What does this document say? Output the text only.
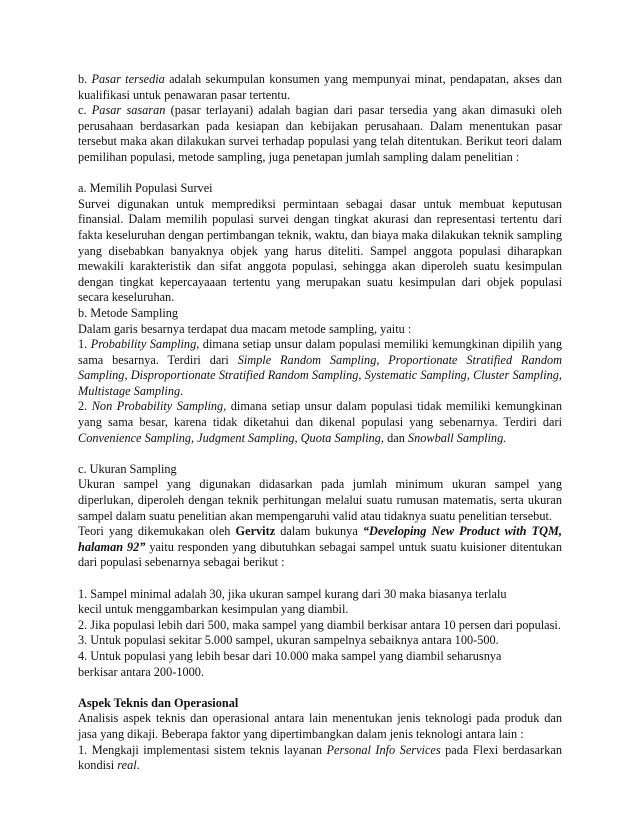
b. Pasar tersedia adalah sekumpulan konsumen yang mempunyai minat, pendapatan, akses dan kualifikasi untuk penawaran pasar tertentu.

c. Pasar sasaran (pasar terlayani) adalah bagian dari pasar tersedia yang akan dimasuki oleh perusahaan berdasarkan pada kesiapan dan kebijakan perusahaan. Dalam menentukan pasar tersebut maka akan dilakukan survei terhadap populasi yang telah ditentukan. Berikut teori dalam pemilihan populasi, metode sampling, juga penetapan jumlah sampling dalam penelitian :

a. Memilih Populasi Survei

Survei digunakan untuk memprediksi permintaan sebagai dasar untuk membuat keputusan finansial. Dalam memilih populasi survei dengan tingkat akurasi dan representasi tertentu dari fakta keseluruhan dengan pertimbangan teknik, waktu, dan biaya maka dilakukan teknik sampling yang disebabkan banyaknya objek yang harus diteliti. Sampel anggota populasi diharapkan mewakili karakteristik dan sifat anggota populasi, sehingga akan diperoleh suatu kesimpulan dengan tingkat kepercayaaan tertentu yang merupakan suatu kesimpulan dari objek populasi secara keseluruhan.

b. Metode Sampling

Dalam garis besarnya terdapat dua macam metode sampling, yaitu :

1. Probability Sampling, dimana setiap unsur dalam populasi memiliki kemungkinan dipilih yang sama besarnya. Terdiri dari Simple Random Sampling, Proportionate Stratified Random Sampling, Disproportionate Stratified Random Sampling, Systematic Sampling, Cluster Sampling, Multistage Sampling.

2. Non Probability Sampling, dimana setiap unsur dalam populasi tidak memiliki kemungkinan yang sama besar, karena tidak diketahui dan dikenal populasi yang sebenarnya. Terdiri dari Convenience Sampling, Judgment Sampling, Quota Sampling, dan Snowball Sampling.

c. Ukuran Sampling

Ukuran sampel yang digunakan didasarkan pada jumlah minimum ukuran sampel yang diperlukan, diperoleh dengan teknik perhitungan melalui suatu rumusan matematis, serta ukuran sampel dalam suatu penelitian akan mempengaruhi valid atau tidaknya suatu penelitian tersebut.

Teori yang dikemukakan oleh Gervitz dalam bukunya “Developing New Product with TQM, halaman 92” yaitu responden yang dibutuhkan sebagai sampel untuk suatu kuisioner ditentukan dari populasi sebenarnya sebagai berikut :

1. Sampel minimal adalah 30, jika ukuran sampel kurang dari 30 maka biasanya terlalu

kecil untuk menggambarkan kesimpulan yang diambil.

2. Jika populasi lebih dari 500, maka sampel yang diambil berkisar antara 10 persen dari populasi.

3. Untuk populasi sekitar 5.000 sampel, ukuran sampelnya sebaiknya antara 100-500.

4. Untuk populasi yang lebih besar dari 10.000 maka sampel yang diambil seharusnya

berkisar antara 200-1000.

Aspek Teknis dan Operasional

Analisis aspek teknis dan operasional antara lain menentukan jenis teknologi pada produk dan jasa yang dikaji. Beberapa faktor yang dipertimbangkan dalam jenis teknologi antara lain :

1. Mengkaji implementasi sistem teknis layanan Personal Info Services pada Flexi berdasarkan kondisi real.
